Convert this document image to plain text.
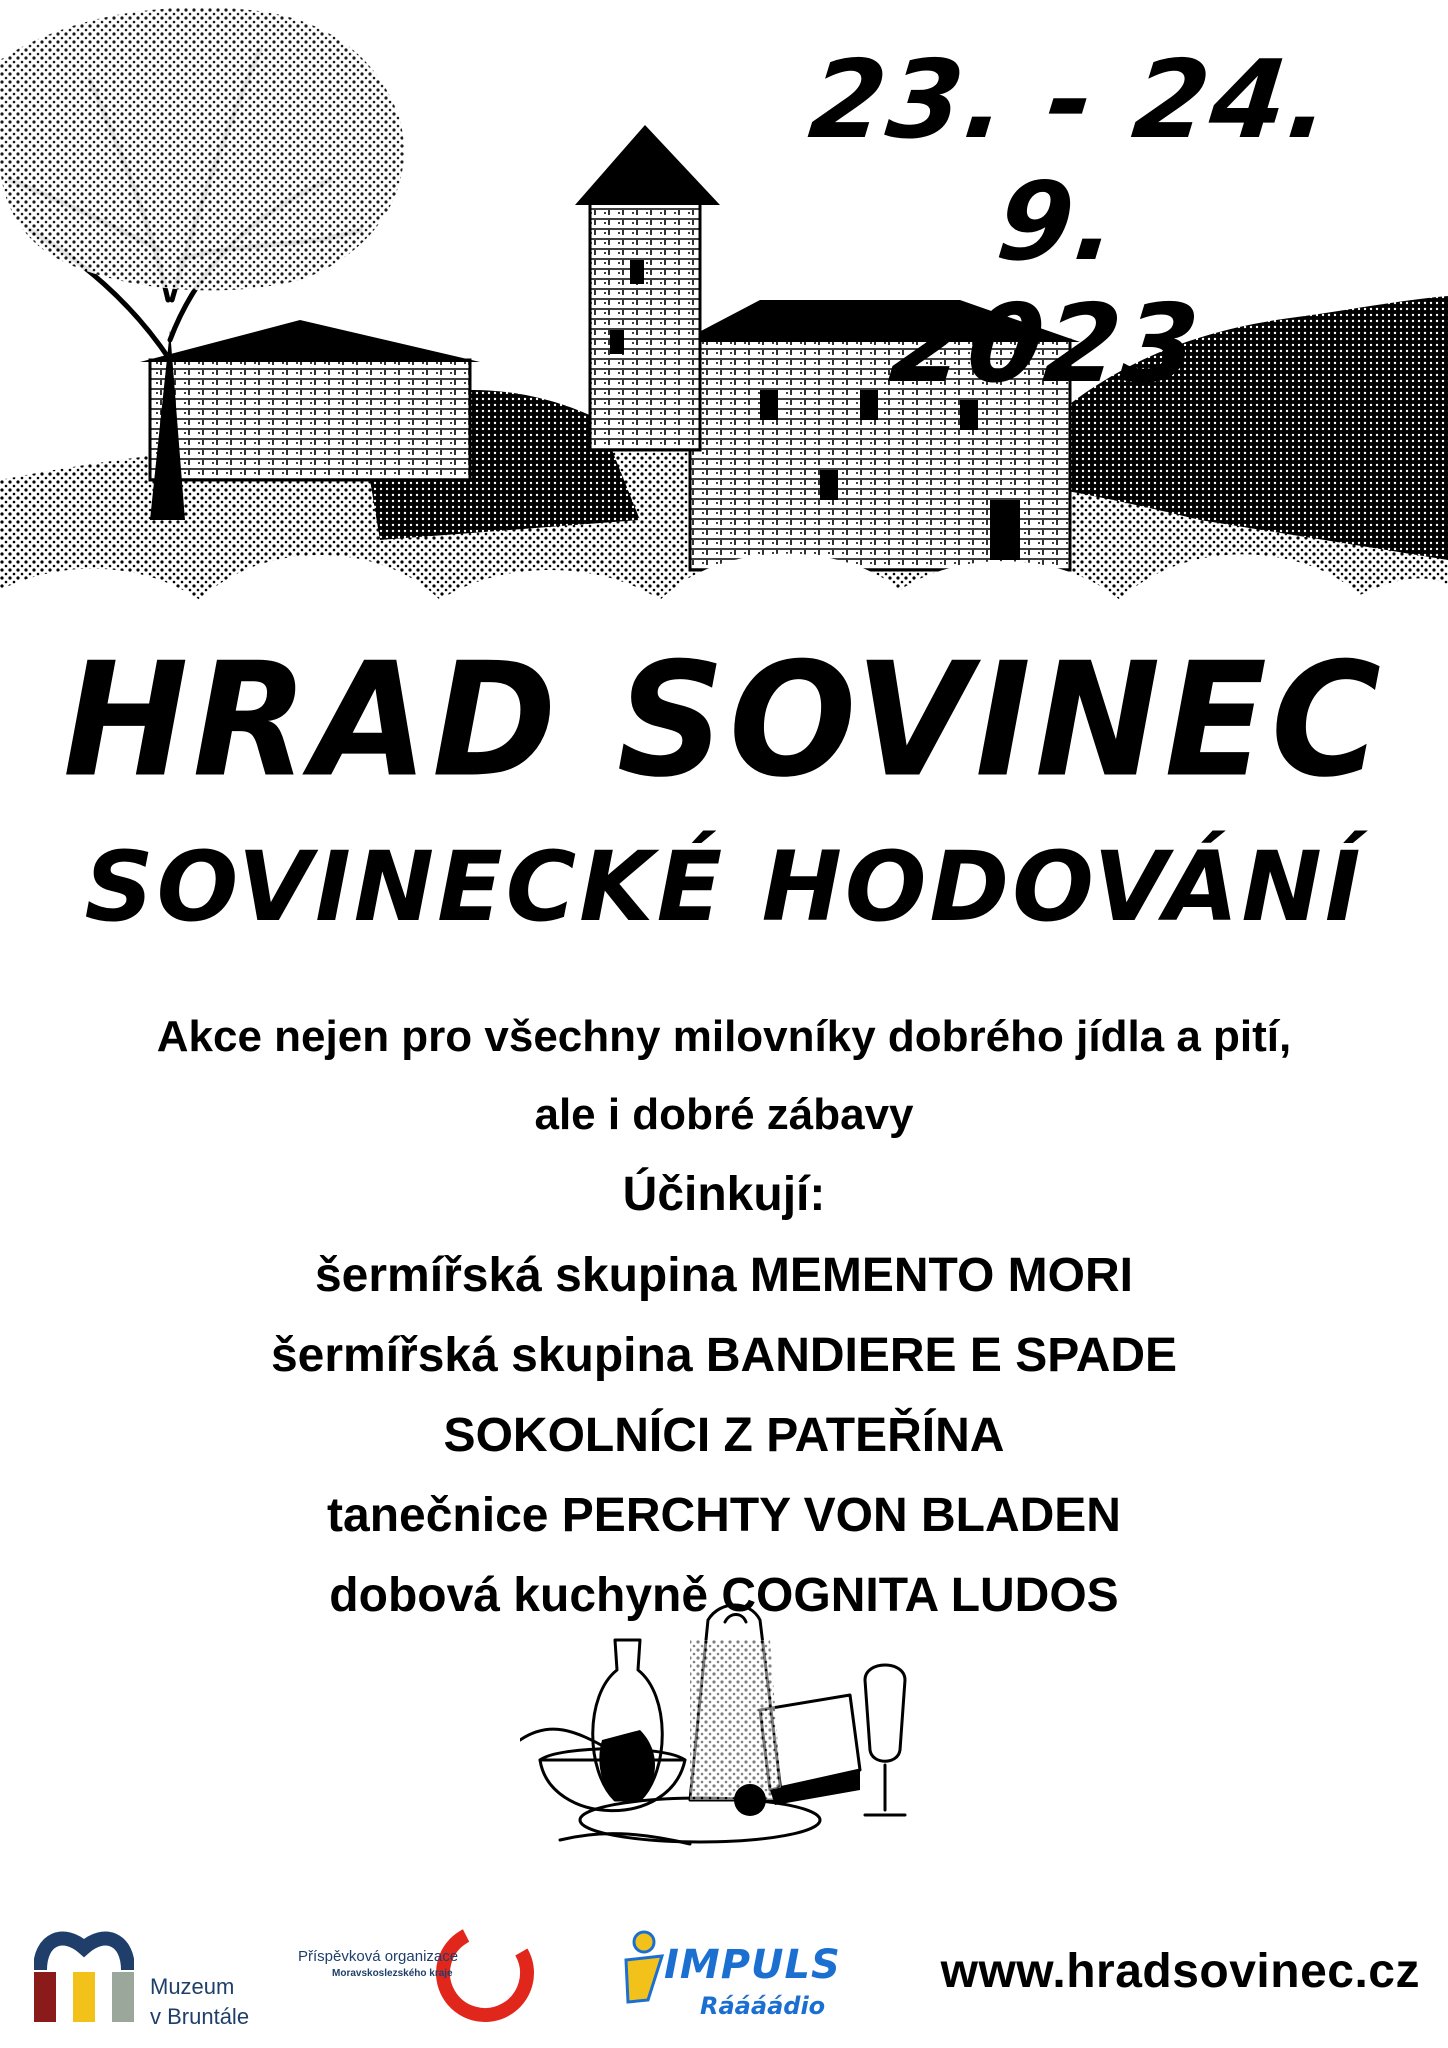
23. - 24. 9.
2023
HRAD SOVINEC
SOVINECKÉ HODOVÁNÍ
Akce nejen pro všechny milovníky dobrého jídla a pití,
ale i dobré zábavy
Účinkují:
šermířská skupina MEMENTO MORI
šermířská skupina BANDIERE E SPADE
SOKOLNÍCI Z PATEŘÍNA
tanečnice PERCHTY VON BLADEN
dobová kuchyně COGNITA LUDOS
Muzeum
v Bruntále
Příspěvková organizace
Moravskoslezského kraje	IMPULS
Ráááádio
www.hradsovinec.cz
